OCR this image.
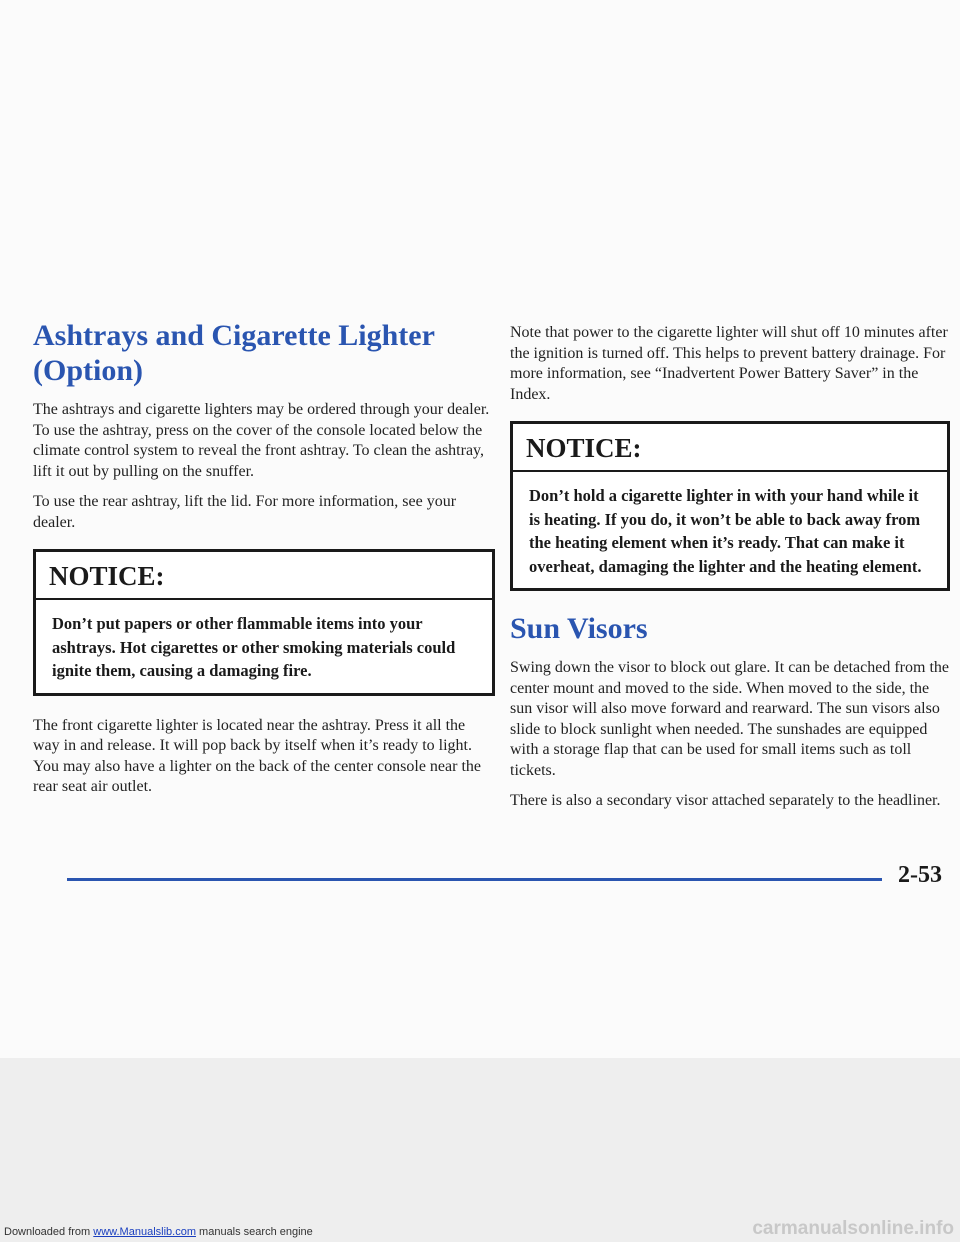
Ashtrays and Cigarette Lighter (Option)

The ashtrays and cigarette lighters may be ordered through your dealer. To use the ashtray, press on the cover of the console located below the climate control system to reveal the front ashtray. To clean the ashtray, lift it out by pulling on the snuffer.

To use the rear ashtray, lift the lid. For more information, see your dealer.

NOTICE:
Don’t put papers or other flammable items into your ashtrays. Hot cigarettes or other smoking materials could ignite them, causing a damaging fire.

The front cigarette lighter is located near the ashtray. Press it all the way in and release. It will pop back by itself when it’s ready to light. You may also have a lighter on the back of the center console near the rear seat air outlet.

Note that power to the cigarette lighter will shut off 10 minutes after the ignition is turned off. This helps to prevent battery drainage. For more information, see “Inadvertent Power Battery Saver” in the Index.

NOTICE:
Don’t hold a cigarette lighter in with your hand while it is heating. If you do, it won’t be able to back away from the heating element when it’s ready. That can make it overheat, damaging the lighter and the heating element.
Sun Visors

Swing down the visor to block out glare. It can be detached from the center mount and moved to the side. When moved to the side, the sun visor will also move forward and rearward. The sun visors also slide to block sunlight when needed. The sunshades are equipped with a storage flap that can be used for small items such as toll tickets.

There is also a secondary visor attached separately to the headliner.

2-53
Downloaded from www.Manualslib.com manuals search engine	carmanualsonline.info
